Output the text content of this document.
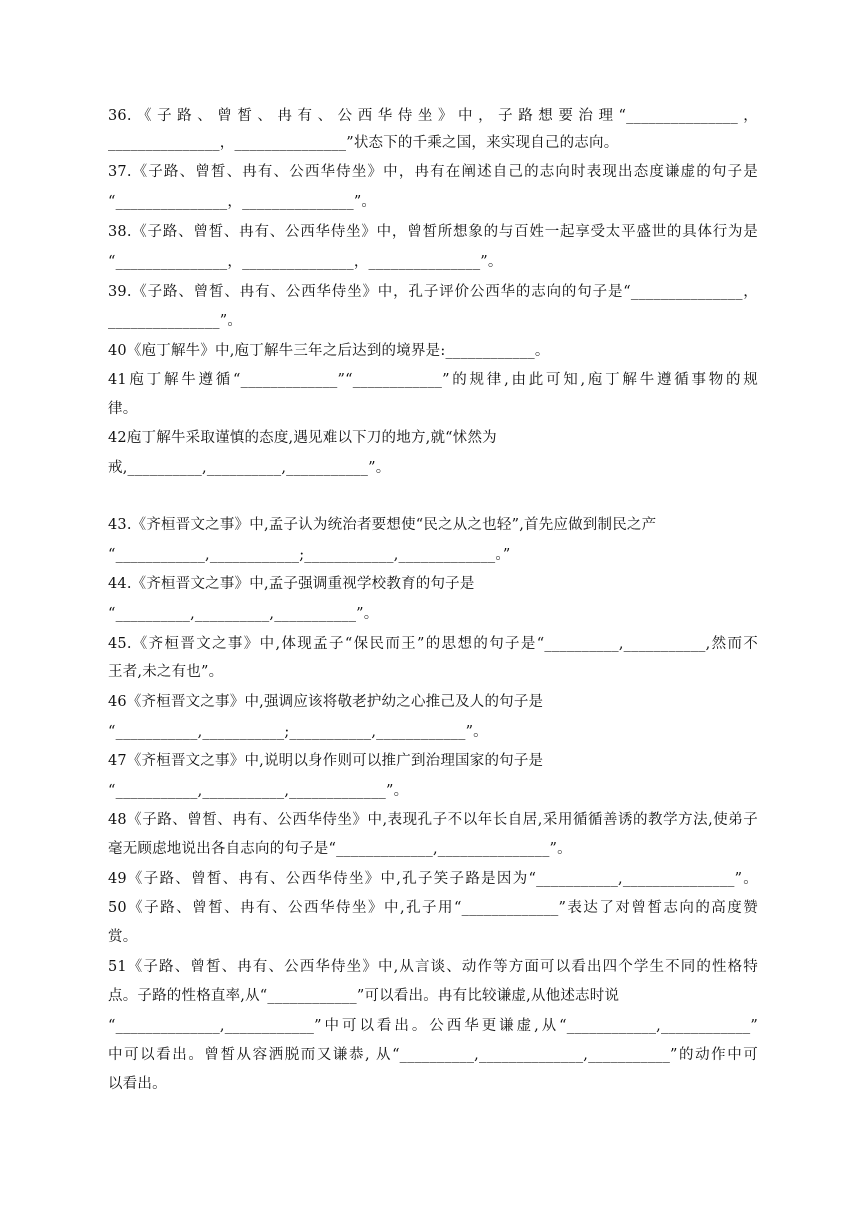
36.《子路、曾皙、冉有、公西华侍坐》中，子路想要治理“_______________，
_______________，_______________”状态下的千乘之国，来实现自己的志向。
37.《子路、曾皙、冉有、公西华侍坐》中，冉有在阐述自己的志向时表现出态度谦虚的句子是
“_______________，_______________”。
38.《子路、曾皙、冉有、公西华侍坐》中，曾皙所想象的与百姓一起享受太平盛世的具体行为是
“_______________，_______________，_______________”。
39.《子路、曾皙、冉有、公西华侍坐》中，孔子评价公西华的志向的句子是“_______________，
_______________”。
40《庖丁解牛》中,庖丁解牛三年之后达到的境界是:____________。
41庖丁解牛遵循“_____________”“____________”的规律,由此可知,庖丁解牛遵循事物的规
律。
42庖丁解牛采取谨慎的态度,遇见难以下刀的地方,就“怵然为
戒,__________,__________,___________”。
43.《齐桓晋文之事》中,孟子认为统治者要想使“民之从之也轻”,首先应做到制民之产
“____________,____________;____________,_____________。”
44.《齐桓晋文之事》中,孟子强调重视学校教育的句子是
“__________,__________,___________”。
45.《齐桓晋文之事》中,体现孟子“保民而王”的思想的句子是“__________,___________,然而不
王者,未之有也”。
46《齐桓晋文之事》中,强调应该将敬老护幼之心推己及人的句子是
“___________,___________;___________,____________”。
47《齐桓晋文之事》中,说明以身作则可以推广到治理国家的句子是
“___________,___________,_____________”。
48《子路、曾皙、冉有、公西华侍坐》中,表现孔子不以年长自居,采用循循善诱的教学方法,使弟子
毫无顾虑地说出各自志向的句子是“_____________,_______________”。
49《子路、曾皙、冉有、公西华侍坐》中,孔子笑子路是因为“___________,_______________”。
50《子路、曾皙、冉有、公西华侍坐》中,孔子用“_____________”表达了对曾皙志向的高度赞
赏。
51《子路、曾皙、冉有、公西华侍坐》中,从言谈、动作等方面可以看出四个学生不同的性格特
点。子路的性格直率,从“____________”可以看出。冉有比较谦虚,从他述志时说
“______________,____________”中可以看出。公西华更谦虚,从“____________,____________”
中可以看出。曾皙从容洒脱而又谦恭, 从“__________,______________,___________”的动作中可
以看出。
